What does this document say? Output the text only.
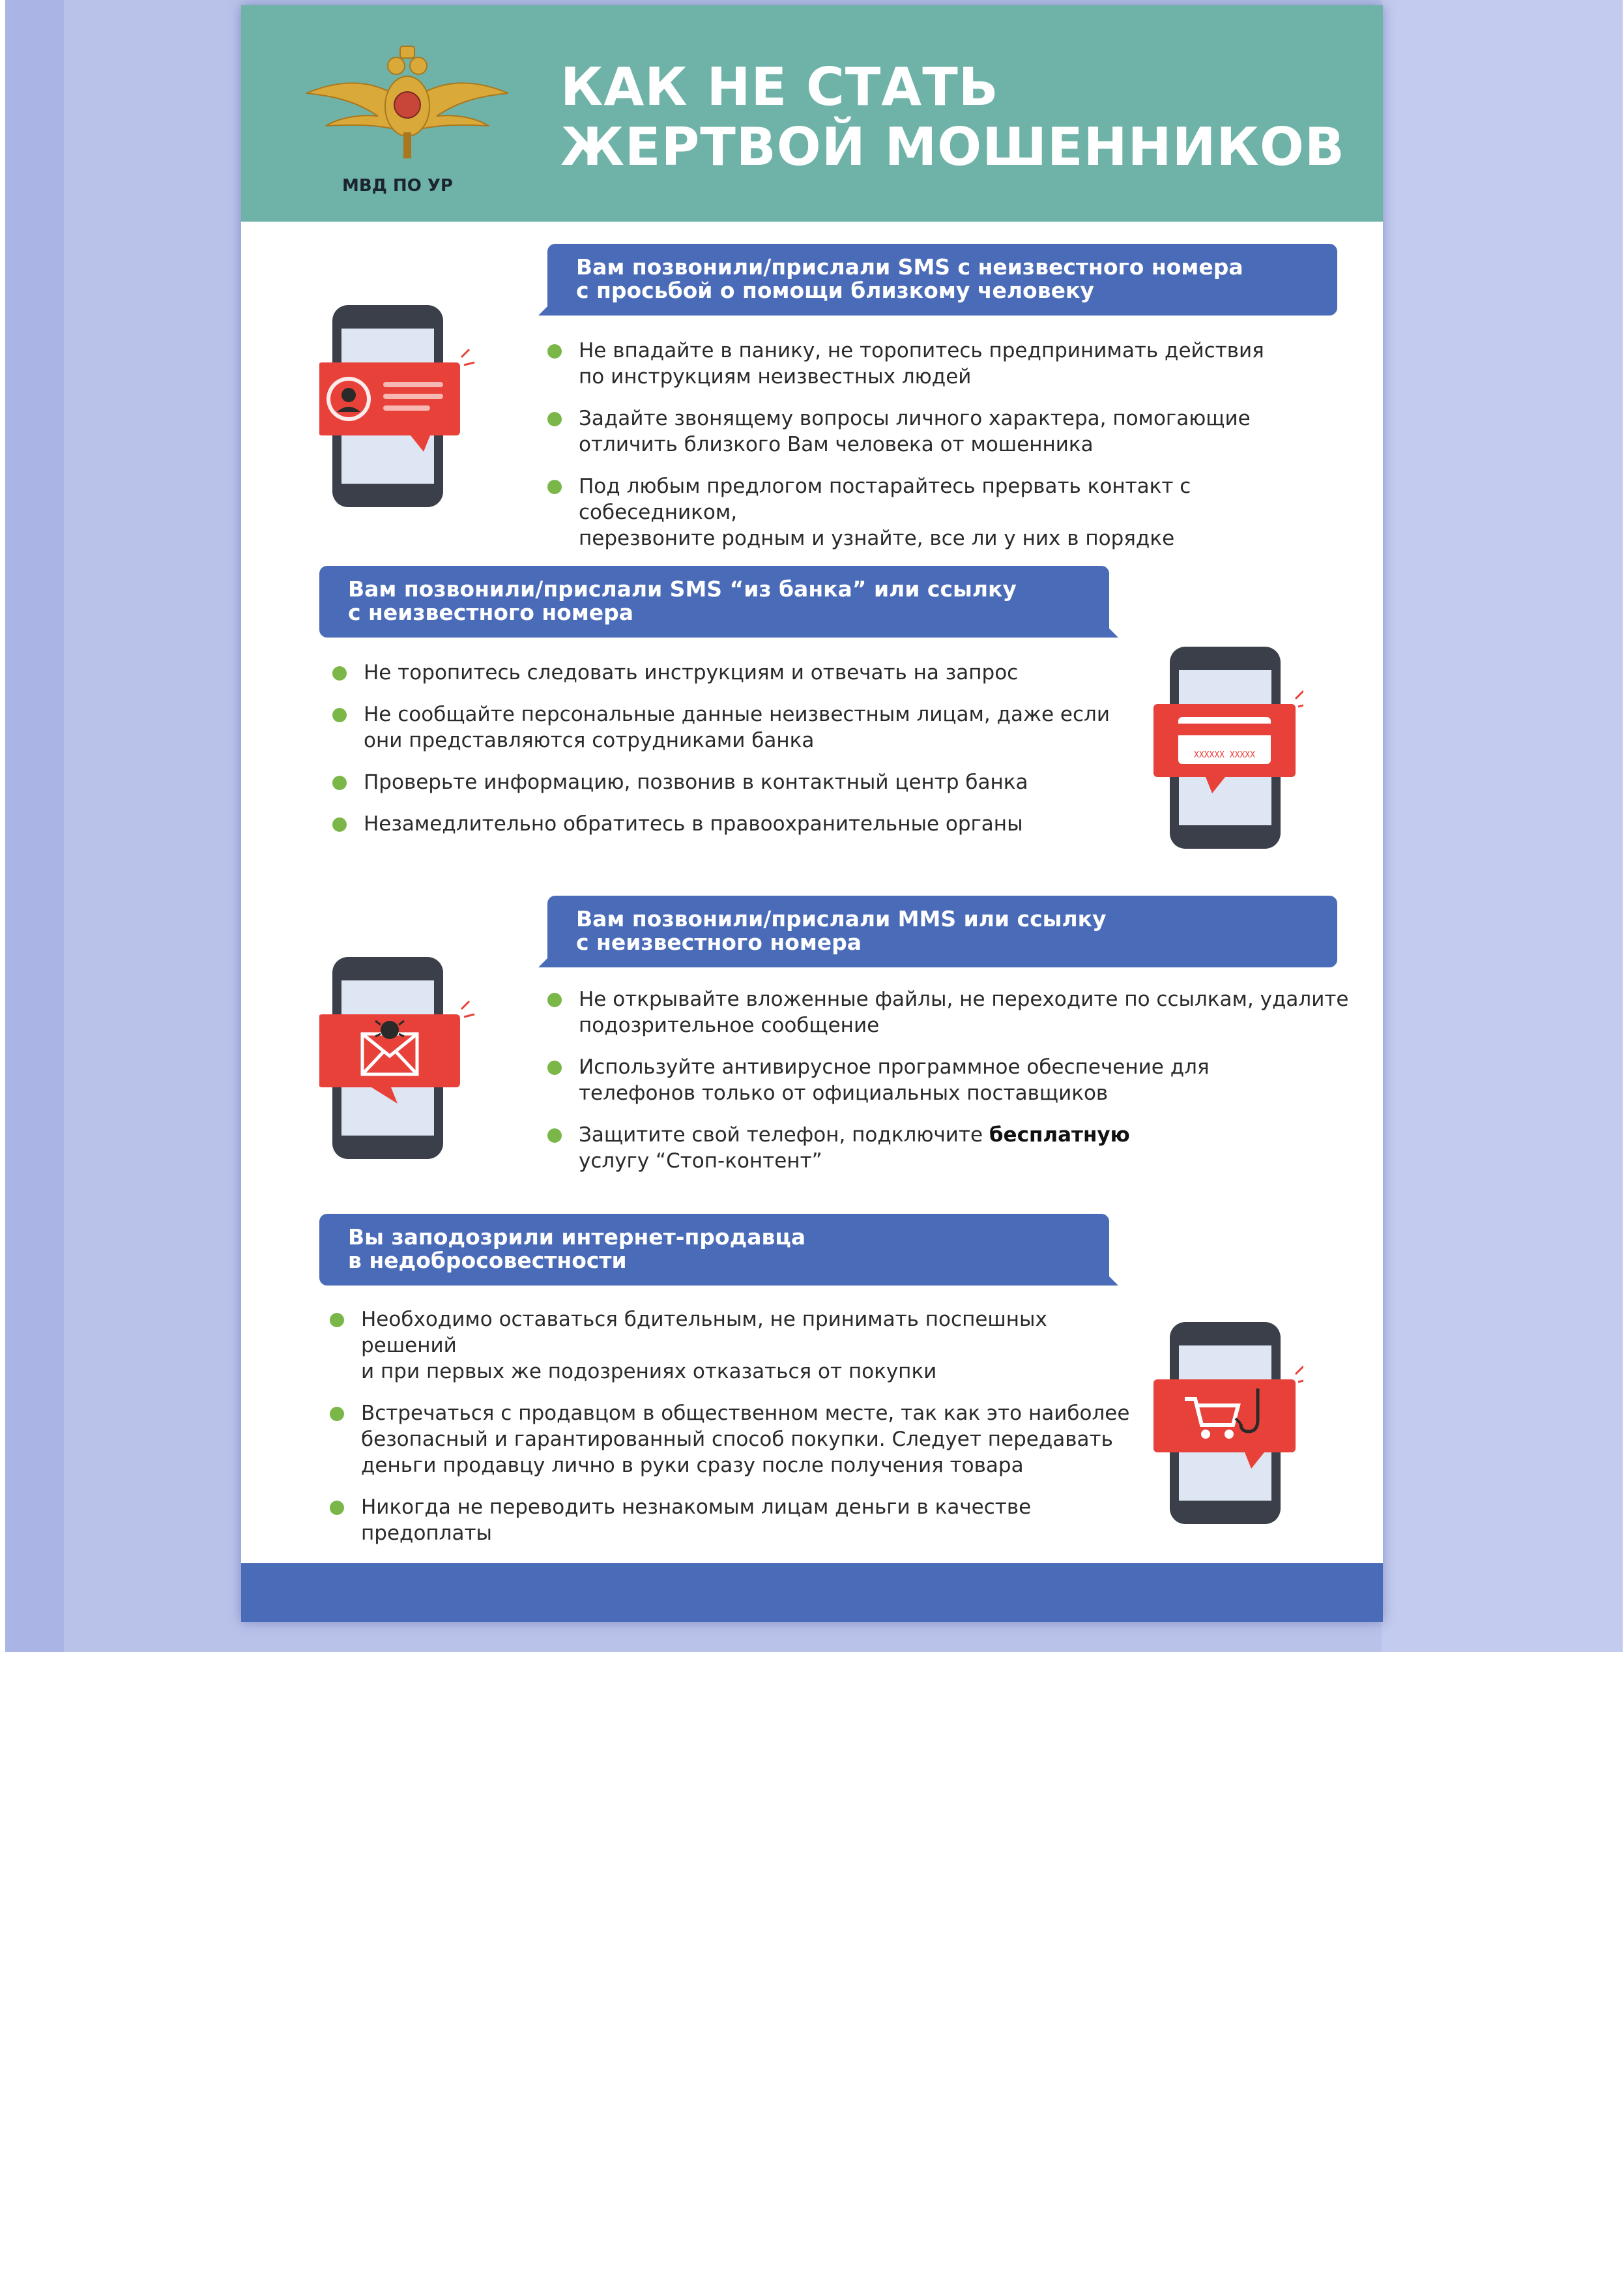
МВД ПО УР
КАК НЕ СТАТЬ
ЖЕРТВОЙ МОШЕННИКОВ
Вам позвонили/прислали SMS с неизвестного номера
с просьбой о помощи близкому человеку
Не впадайте в панику, не торопитесь предпринимать действия
по инструкциям неизвестных людей
Задайте звонящему вопросы личного характера, помогающие
отличить близкого Вам человека от мошенника
Под любым предлогом постарайтесь прервать контакт с собеседником,
перезвоните родным и узнайте, все ли у них в порядке
Вам позвонили/прислали SMS “из банка” или ссылку
с неизвестного номера
Не торопитесь следовать инструкциям и отвечать на запрос
Не сообщайте персональные данные неизвестным лицам, даже если
они представляются сотрудниками банка
Проверьте информацию, позвонив в контактный центр банка
Незамедлительно обратитесь в правоохранительные органы
XXXXXX XXXXX
Вам позвонили/прислали MMS или ссылку
с неизвестного номера
Не открывайте вложенные файлы, не переходите по ссылкам, удалите
подозрительное сообщение
Используйте антивирусное программное обеспечение для
телефонов только от официальных поставщиков
Защитите свой телефон, подключите бесплатную
услугу “Стоп-контент”
Вы заподозрили интернет-продавца
в недобросовестности
Необходимо оставаться бдительным, не принимать поспешных решений
и при первых же подозрениях отказаться от покупки
Встречаться с продавцом в общественном месте, так как это наиболее
безопасный и гарантированный способ покупки. Следует передавать
деньги продавцу лично в руки сразу после получения товара
Никогда не переводить незнакомым лицам деньги в качестве
предоплаты
